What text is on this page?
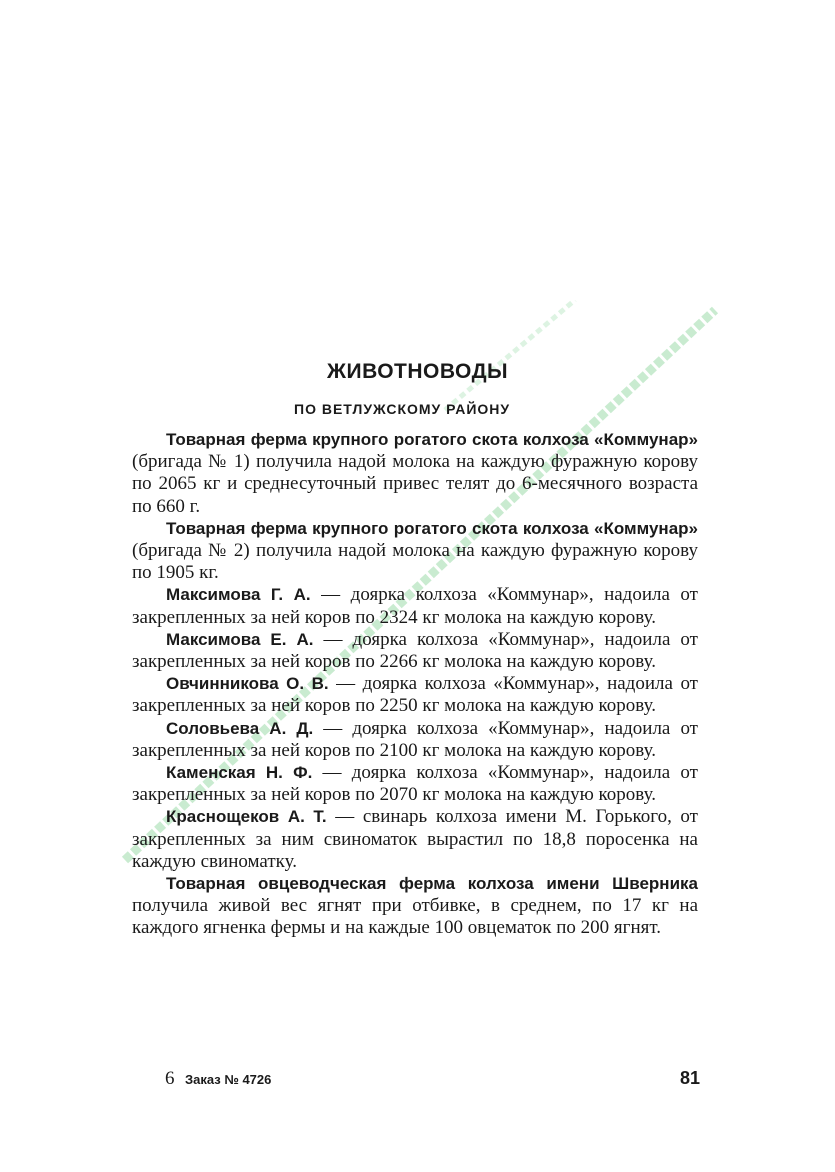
ЖИВОТНОВОДЫ
ПО ВЕТЛУЖСКОМУ РАЙОНУ

Товарная ферма крупного рогатого скота колхоза «Коммунар» (бригада № 1) получила надой молока на каждую фуражную корову по 2065 кг и среднесуточный привес телят до 6-месячного возраста по 660 г.

Товарная ферма крупного рогатого скота колхоза «Коммунар» (бригада № 2) получила надой молока на каждую фуражную корову по 1905 кг.

Максимова Г. А. — доярка колхоза «Коммунар», надоила от закрепленных за ней коров по 2324 кг молока на каждую корову.

Максимова Е. А. — доярка колхоза «Коммунар», надоила от закрепленных за ней коров по 2266 кг молока на каждую корову.

Овчинникова О. В. — доярка колхоза «Коммунар», надоила от закрепленных за ней коров по 2250 кг молока на каждую корову.

Соловьева А. Д. — доярка колхоза «Коммунар», надоила от закрепленных за ней коров по 2100 кг молока на каждую корову.

Каменская Н. Ф. — доярка колхоза «Коммунар», надоила от закрепленных за ней коров по 2070 кг молока на каждую корову.

Краснощеков А. Т. — свинарь колхоза имени М. Горького, от закрепленных за ним свиноматок вырастил по 18,8 поросенка на каждую свиноматку.

Товарная овцеводческая ферма колхоза имени Шверника получила живой вес ягнят при отбивке, в среднем, по 17 кг на каждого ягненка фермы и на каждые 100 овцематок по 200 ягнят.

6 Заказ № 4726	81
